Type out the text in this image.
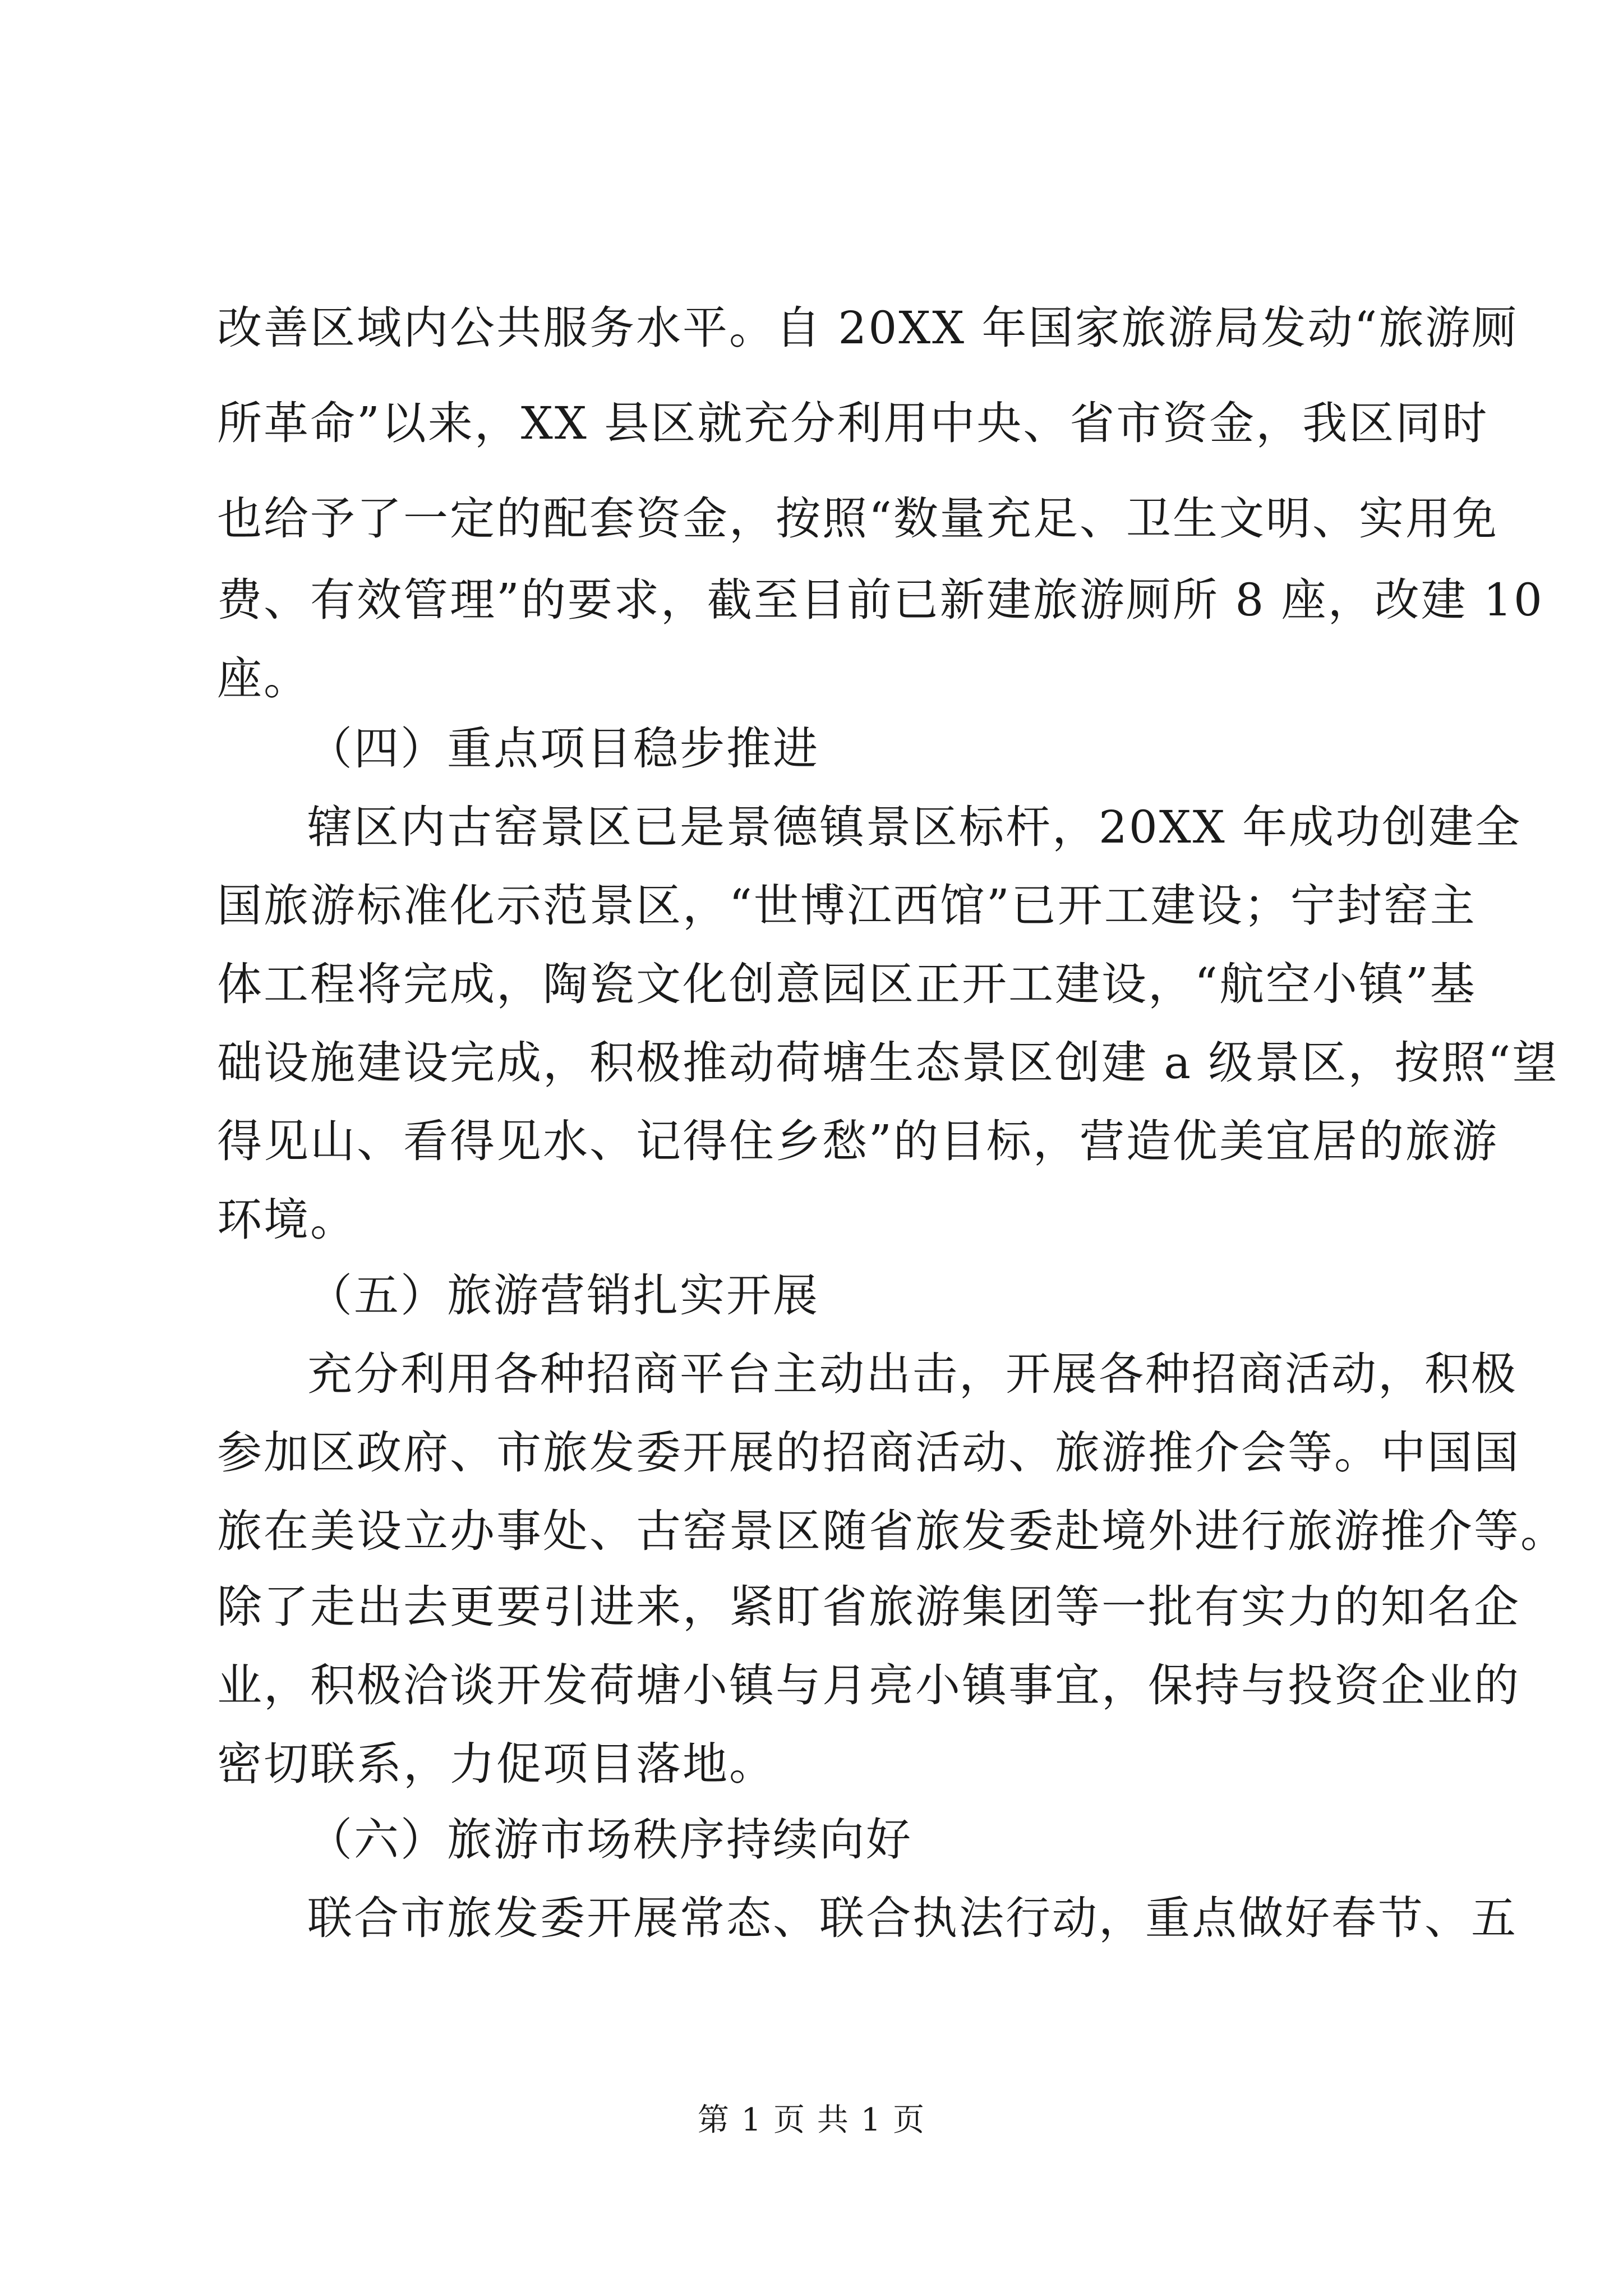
改善区域内公共服务水平。自 20XX 年国家旅游局发动“旅游厕
所革命”以来，XX 县区就充分利用中央、省市资金，我区同时
也给予了一定的配套资金，按照“数量充足、卫生文明、实用免
费、有效管理”的要求，截至目前已新建旅游厕所 8 座，改建 10
座。
（四）重点项目稳步推进
辖区内古窑景区已是景德镇景区标杆，20XX 年成功创建全
国旅游标准化示范景区，“世博江西馆”已开工建设；宁封窑主
体工程将完成，陶瓷文化创意园区正开工建设，“航空小镇”基
础设施建设完成，积极推动荷塘生态景区创建 a 级景区，按照“望
得见山、看得见水、记得住乡愁”的目标，营造优美宜居的旅游
环境。
（五）旅游营销扎实开展
充分利用各种招商平台主动出击，开展各种招商活动，积极
参加区政府、市旅发委开展的招商活动、旅游推介会等。中国国
旅在美设立办事处、古窑景区随省旅发委赴境外进行旅游推介等。
除了走出去更要引进来，紧盯省旅游集团等一批有实力的知名企
业，积极洽谈开发荷塘小镇与月亮小镇事宜，保持与投资企业的
密切联系，力促项目落地。
（六）旅游市场秩序持续向好
联合市旅发委开展常态、联合执法行动，重点做好春节、五
第 1 页 共 1 页
